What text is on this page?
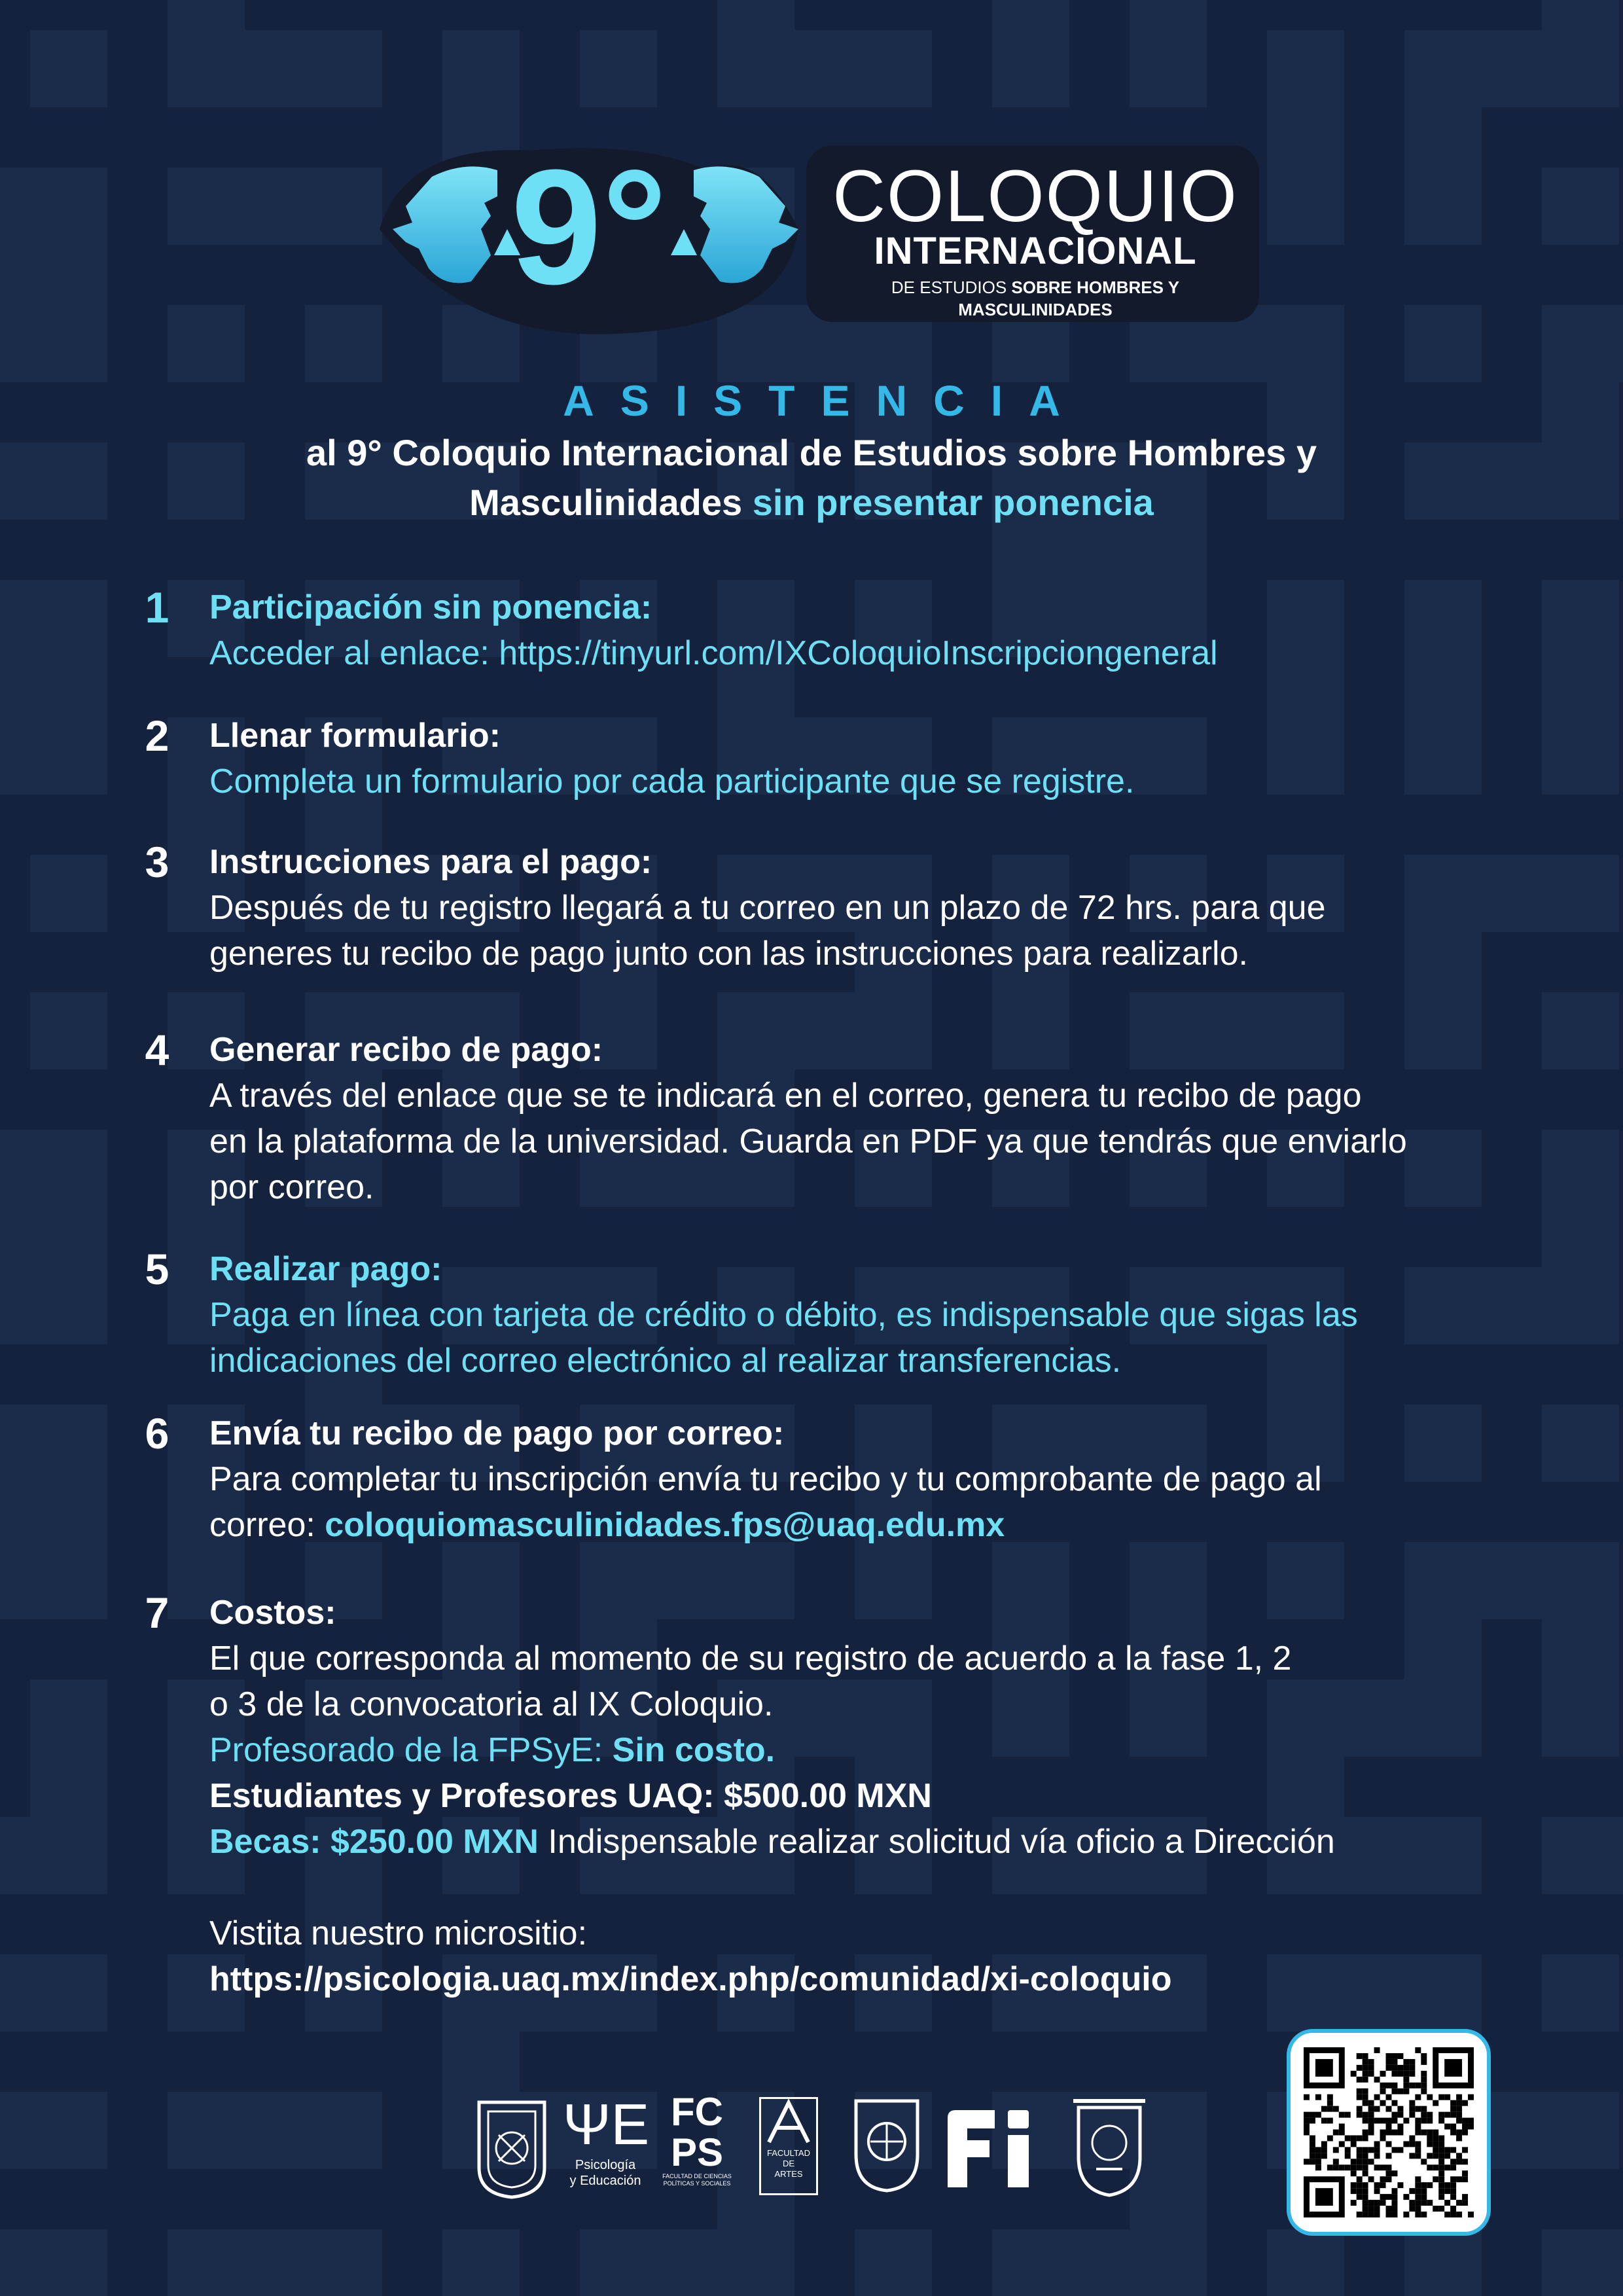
9° COLOQUIO
INTERNACIONAL
DE ESTUDIOS SOBRE HOMBRES Y MASCULINIDADES
ASISTENCIA
al 9° Coloquio Internacional de Estudios sobre Hombres y
Masculinidades sin presentar ponencia
1 Participación sin ponencia:
Acceder al enlace: https://tinyurl.com/IXColoquioInscripciongeneral
2 Llenar formulario:
Completa un formulario por cada participante que se registre.
3 Instrucciones para el pago:
Después de tu registro llegará a tu correo en un plazo de 72 hrs. para que
generes tu recibo de pago junto con las instrucciones para realizarlo.
4 Generar recibo de pago:
A través del enlace que se te indicará en el correo, genera tu recibo de pago
en la plataforma de la universidad. Guarda en PDF ya que tendrás que enviarlo
por correo.
5 Realizar pago:
Paga en línea con tarjeta de crédito o débito, es indispensable que sigas las
indicaciones del correo electrónico al realizar transferencias.
6 Envía tu recibo de pago por correo:
Para completar tu inscripción envía tu recibo y tu comprobante de pago al
correo: coloquiomasculinidades.fps@uaq.edu.mx
7 Costos:
El que corresponda al momento de su registro de acuerdo a la fase 1, 2
o 3 de la convocatoria al IX Coloquio.
Profesorado de la FPSyE: Sin costo.
Estudiantes y Profesores UAQ: $500.00 MXN
Becas: $250.00 MXN Indispensable realizar solicitud vía oficio a Dirección
Vistita nuestro micrositio:
https://psicologia.uaq.mx/index.php/comunidad/xi-coloquio
ΨE
Psicología
y Educación
FC
PS
FACULTAD DE CIENCIAS POLÍTICAS Y SOCIALES
FACULTAD
DE
ARTES
